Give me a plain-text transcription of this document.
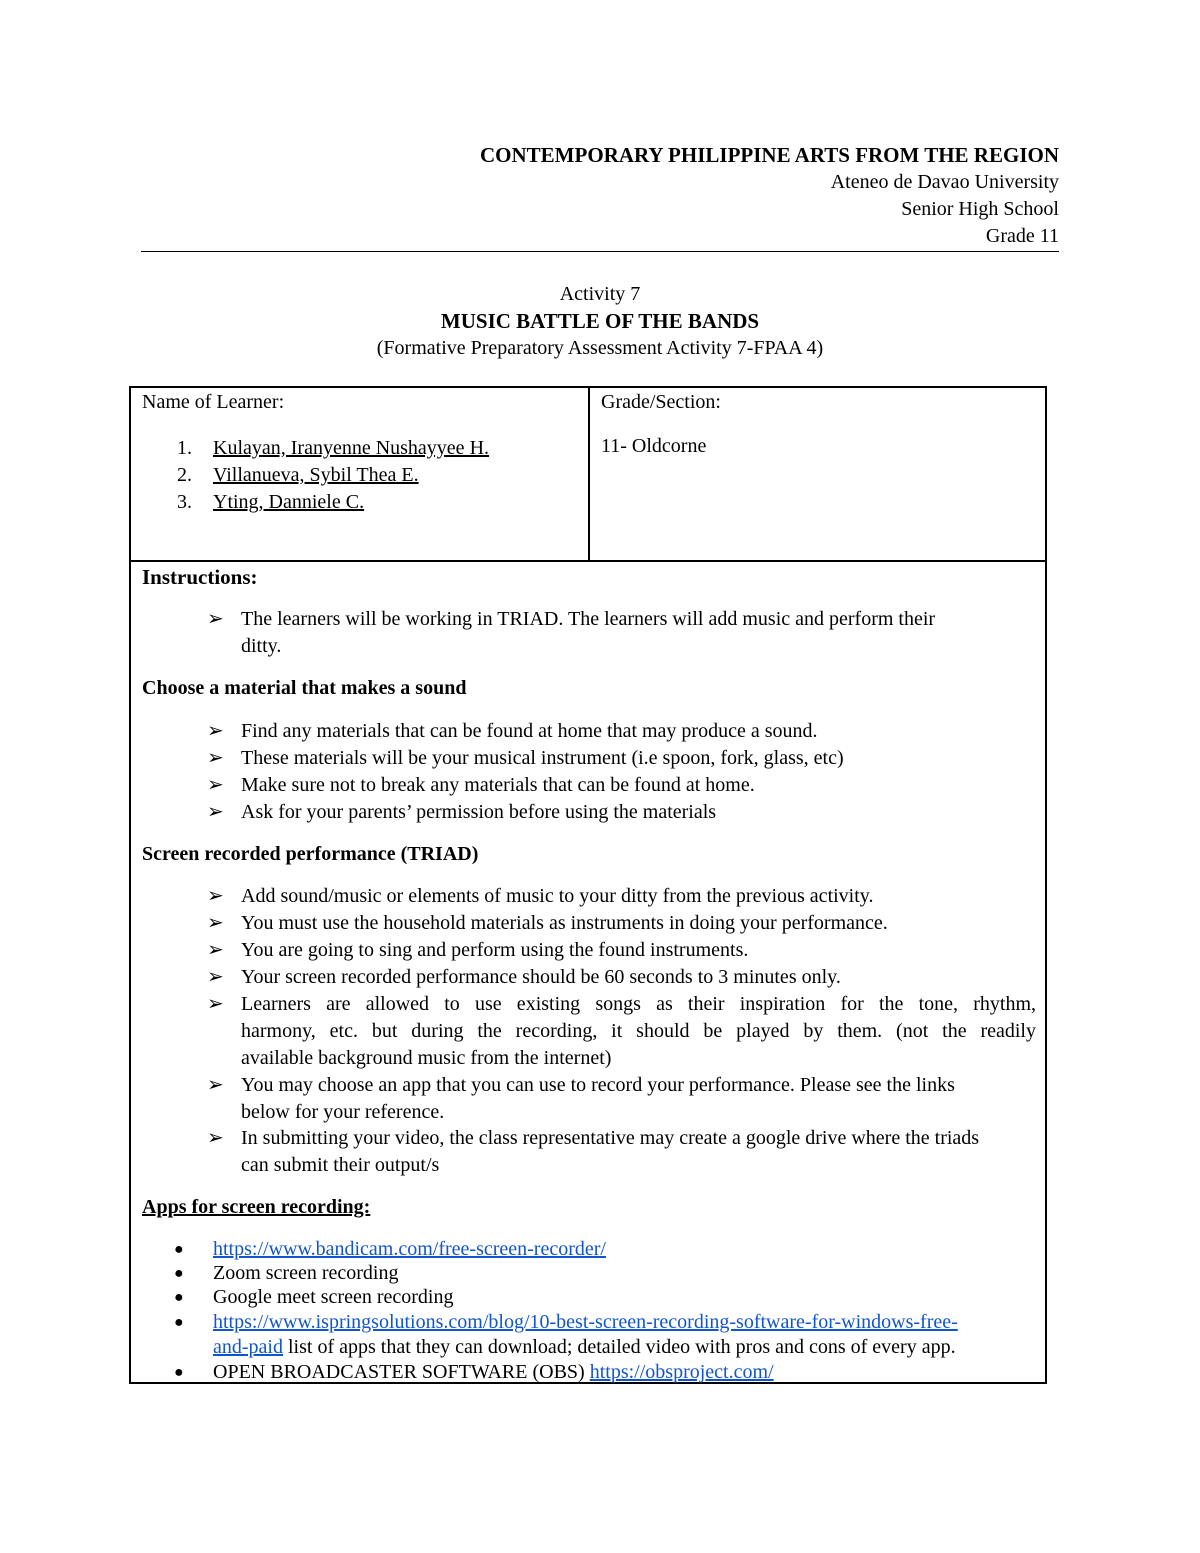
CONTEMPORARY PHILIPPINE ARTS FROM THE REGION
Ateneo de Davao University
Senior High School
Grade 11
Activity 7
MUSIC BATTLE OF THE BANDS
(Formative Preparatory Assessment Activity 7-FPAA 4)
Name of Learner:
1. Kulayan, Iranyenne Nushayyee H.
2. Villanueva, Sybil Thea E.
3. Yting, Danniele C.
Grade/Section:
11- Oldcorne
Instructions:
➢ The learners will be working in TRIAD. The learners will add music and perform their
ditty.
Choose a material that makes a sound
➢ Find any materials that can be found at home that may produce a sound.
➢ These materials will be your musical instrument (i.e spoon, fork, glass, etc)
➢ Make sure not to break any materials that can be found at home.
➢ Ask for your parents’ permission before using the materials
Screen recorded performance (TRIAD)
➢ Add sound/music or elements of music to your ditty from the previous activity.
➢ You must use the household materials as instruments in doing your performance.
➢ You are going to sing and perform using the found instruments.
➢ Your screen recorded performance should be 60 seconds to 3 minutes only.
➢ Learners are allowed to use existing songs as their inspiration for the tone, rhythm,
harmony, etc. but during the recording, it should be played by them. (not the readily
available background music from the internet)
➢ You may choose an app that you can use to record your performance. Please see the links
below for your reference.
➢ In submitting your video, the class representative may create a google drive where the triads
can submit their output/s
Apps for screen recording:
● https://www.bandicam.com/free-screen-recorder/
● Zoom screen recording
● Google meet screen recording
● https://www.ispringsolutions.com/blog/10-best-screen-recording-software-for-windows-free-
and-paid list of apps that they can download; detailed video with pros and cons of every app.
● OPEN BROADCASTER SOFTWARE (OBS) https://obsproject.com/
